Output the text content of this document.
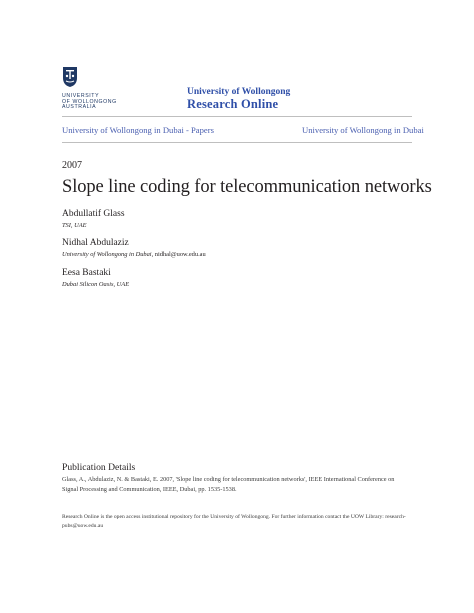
UNIVERSITY
OF WOLLONGONG
AUSTRALIA
University of Wollongong
Research Online
University of Wollongong in Dubai - Papers	University of Wollongong in Dubai
2007
Slope line coding for telecommunication networks
Abdullatif Glass
TSI, UAE
Nidhal Abdulaziz
University of Wollongong in Dubai, nidhal@uow.edu.au
Eesa Bastaki
Dubai Silicon Oasis, UAE
Publication Details
Glass, A., Abdulaziz, N. & Bastaki, E. 2007, 'Slope line coding for telecommunication networks', IEEE International Conference on Signal Processing and Communication, IEEE, Dubai, pp. 1535-1538.
Research Online is the open access institutional repository for the University of Wollongong. For further information contact the UOW Library: research-pubs@uow.edu.au
